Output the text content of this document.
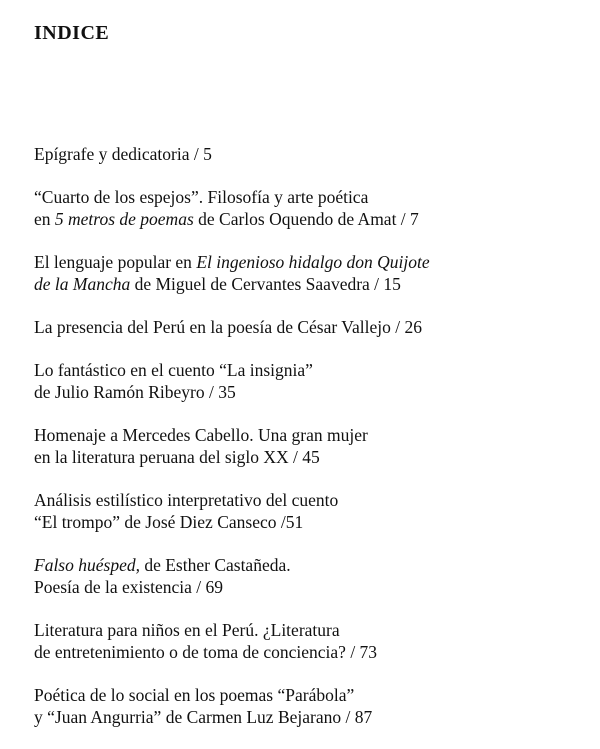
INDICE
Epígrafe y dedicatoria / 5
“Cuarto de los espejos”. Filosofía y arte poética
en 5 metros de poemas de Carlos Oquendo de Amat / 7
El lenguaje popular en El ingenioso hidalgo don Quijote
de la Mancha de Miguel de Cervantes Saavedra / 15
La presencia del Perú en la poesía de César Vallejo / 26
Lo fantástico en el cuento “La insignia”
de Julio Ramón Ribeyro / 35
Homenaje a Mercedes Cabello. Una gran mujer
en la literatura peruana del siglo XX / 45
Análisis estilístico interpretativo del cuento
“El trompo” de José Diez Canseco /51
Falso huésped, de Esther Castañeda.
Poesía de la existencia / 69
Literatura para niños en el Perú. ¿Literatura
de entretenimiento o de toma de conciencia? / 73
Poética de lo social en los poemas “Parábola”
y “Juan Angurria” de Carmen Luz Bejarano / 87
